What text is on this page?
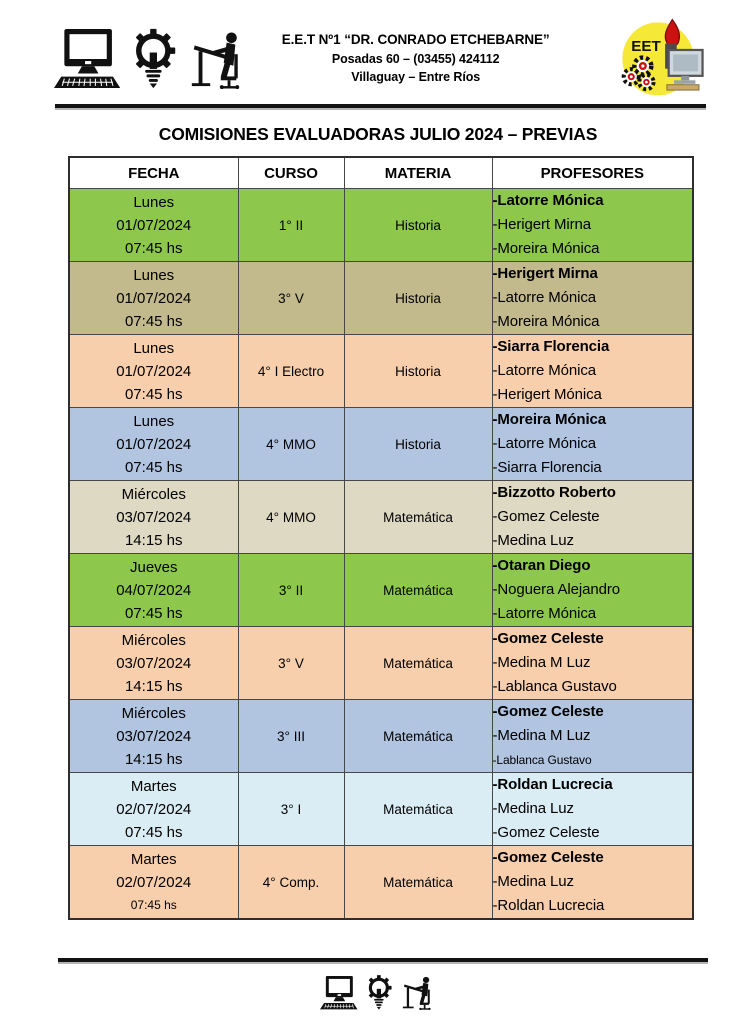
E.E.T Nº1 “DR. CONRADO ETCHEBARNE”
Posadas 60 – (03455) 424112
Villaguay – Entre Ríos
COMISIONES EVALUADORAS JULIO 2024 – PREVIAS
FECHA	CURSO	MATERIA	PROFESORES

Lunes
01/07/2024
07:45 hs
	1° II	Historia	
-Latorre Mónica
-Herigert Mirna
-Moreira Mónica

Lunes
01/07/2024
07:45 hs
	3° V	Historia	
-Herigert Mirna
-Latorre Mónica
-Moreira Mónica

Lunes
01/07/2024
07:45 hs
	4° I Electro	Historia	
-Siarra Florencia
-Latorre Mónica
-Herigert Mónica

Lunes
01/07/2024
07:45 hs
	4° MMO	Historia	
-Moreira Mónica
-Latorre Mónica
-Siarra Florencia

Miércoles
03/07/2024
14:15 hs
	4° MMO	Matemática	
-Bizzotto Roberto
-Gomez Celeste
-Medina Luz

Jueves
04/07/2024
07:45 hs
	3° II	Matemática	
-Otaran Diego
-Noguera Alejandro
-Latorre Mónica

Miércoles
03/07/2024
14:15 hs
	3° V	Matemática	
-Gomez Celeste
-Medina M Luz
-Lablanca Gustavo

Miércoles
03/07/2024
14:15 hs
	3° III	Matemática	
-Gomez Celeste
-Medina M Luz
-Lablanca Gustavo

Martes
02/07/2024
07:45 hs
	3° I	Matemática	
-Roldan Lucrecia
-Medina Luz
-Gomez Celeste

Martes
02/07/2024
07:45 hs
	4° Comp.	Matemática	
-Gomez Celeste
-Medina Luz
-Roldan Lucrecia
